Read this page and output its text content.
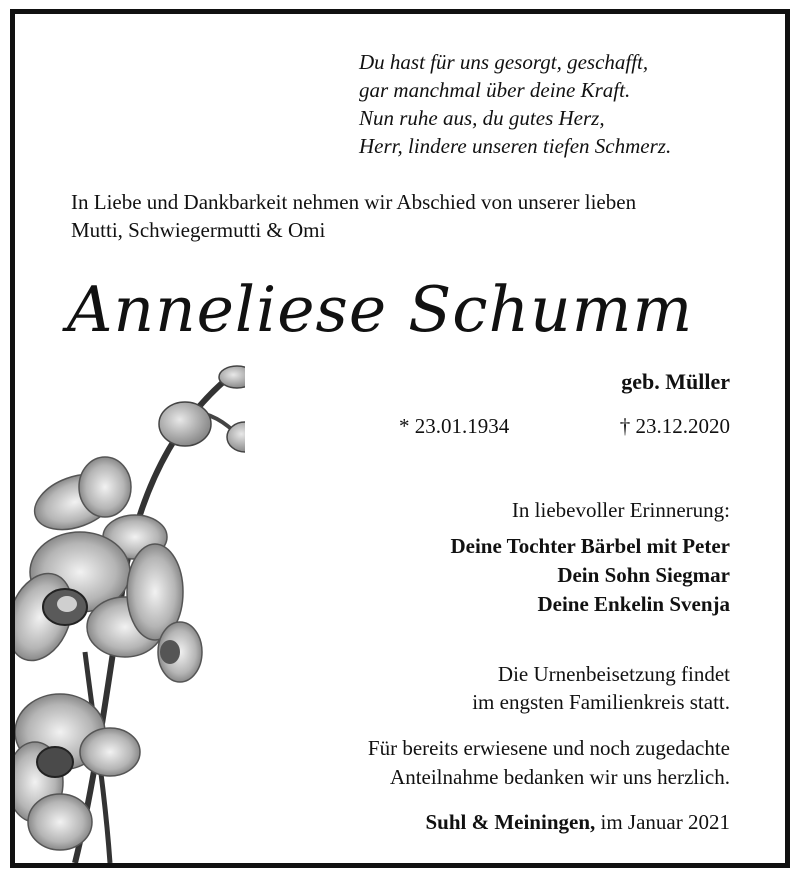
Du hast für uns gesorgt, geschafft,
gar manchmal über deine Kraft.
Nun ruhe aus, du gutes Herz,
Herr, lindere unseren tiefen Schmerz.
In Liebe und Dankbarkeit nehmen wir Abschied von unserer lieben
Mutti, Schwiegermutti & Omi
Anneliese Schumm
geb. Müller
* 23.01.1934	† 23.12.2020
In liebevoller Erinnerung:
Deine Tochter Bärbel mit Peter
Dein Sohn Siegmar
Deine Enkelin Svenja
Die Urnenbeisetzung findet
im engsten Familienkreis statt.
Für bereits erwiesene und noch zugedachte
Anteilnahme bedanken wir uns herzlich.
Suhl & Meiningen, im Januar 2021
